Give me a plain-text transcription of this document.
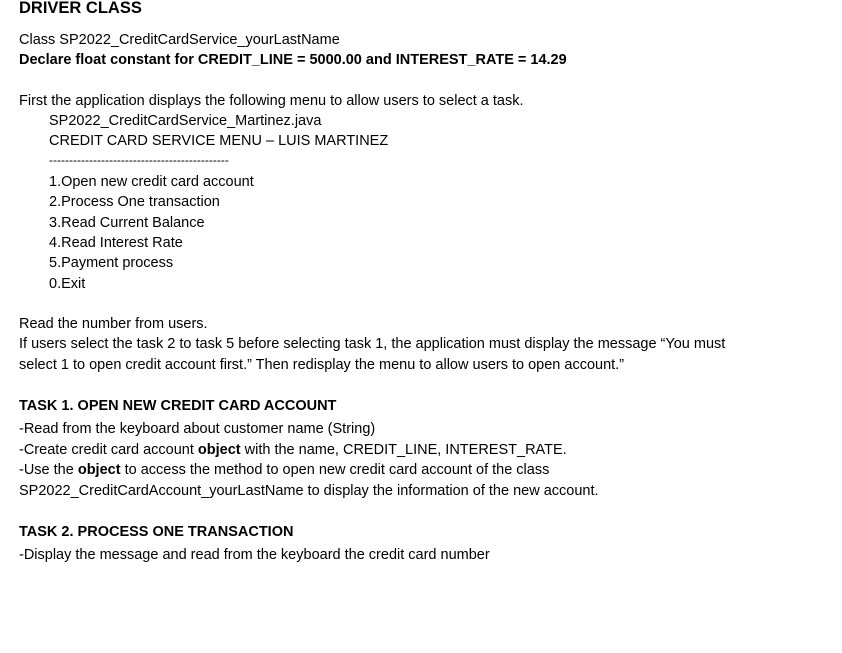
DRIVER CLASS
Class SP2022_CreditCardService_yourLastName
Declare float constant for CREDIT_LINE = 5000.00 and INTEREST_RATE = 14.29
First the application displays the following menu to allow users to select a task.
SP2022_CreditCardService_Martinez.java
CREDIT CARD SERVICE MENU – LUIS MARTINEZ
---------------------------------------------
1.Open new credit card account
2.Process One transaction
3.Read Current Balance
4.Read Interest Rate
5.Payment process
0.Exit
Read the number from users.
If users select the task 2 to task 5 before selecting task 1, the application must display the message “You must
select 1 to open credit account first.” Then redisplay the menu to allow users to open account.”
TASK 1. OPEN NEW CREDIT CARD ACCOUNT
-Read from the keyboard about customer name (String)
-Create credit card account object with the name, CREDIT_LINE, INTEREST_RATE.
-Use the object to access the method to open new credit card account of the class
SP2022_CreditCardAccount_yourLastName to display the information of the new account.
TASK 2. PROCESS ONE TRANSACTION
-Display the message and read from the keyboard the credit card number
